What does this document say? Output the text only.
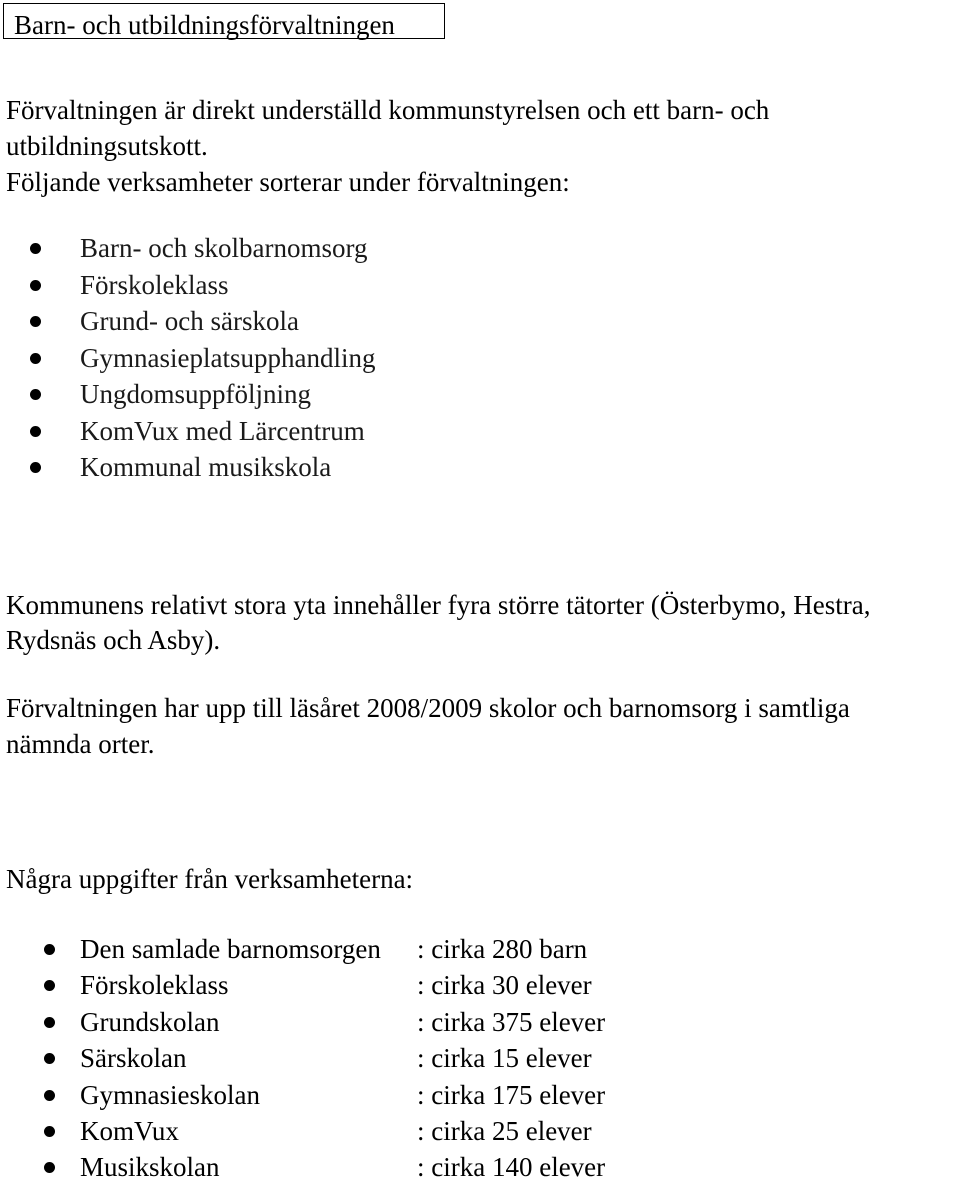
Barn- och utbildningsförvaltningen
Förvaltningen är direkt underställd kommunstyrelsen och ett barn- och
utbildningsutskott.
Följande verksamheter sorterar under förvaltningen:
Barn- och skolbarnomsorg
Förskoleklass
Grund- och särskola
Gymnasieplatsupphandling
Ungdomsuppföljning
KomVux med Lärcentrum
Kommunal musikskola
Kommunens relativt stora yta innehåller fyra större tätorter (Österbymo, Hestra,
Rydsnäs och Asby).
Förvaltningen har upp till läsåret 2008/2009 skolor och barnomsorg i samtliga
nämnda orter.
Några uppgifter från verksamheterna:
Den samlade barnomsorgen : cirka 280 barn
Förskoleklass	: cirka 30 elever
Grundskolan	: cirka 375 elever
Särskolan	: cirka 15 elever
Gymnasieskolan	: cirka 175 elever
KomVux	: cirka 25 elever
Musikskolan	: cirka 140 elever
